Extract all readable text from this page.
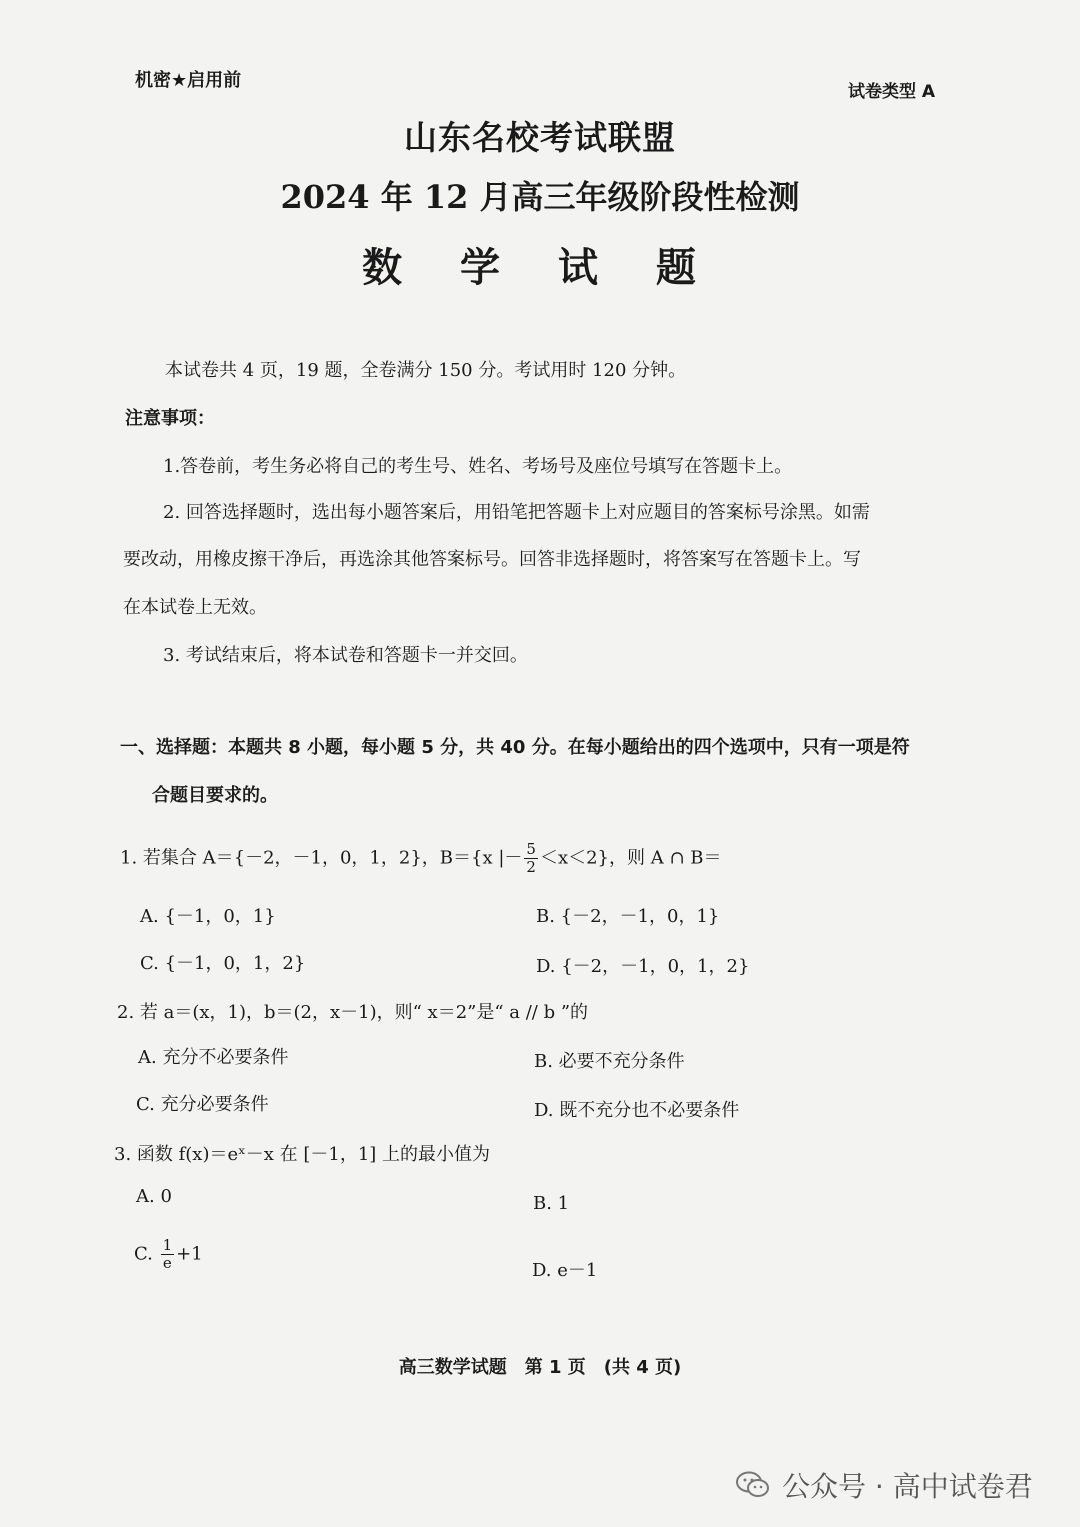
机密★启用前
试卷类型 A
山东名校考试联盟
2024 年 12 月高三年级阶段性检测
数 学 试 题
本试卷共 4 页，19 题，全卷满分 150 分。考试用时 120 分钟。
注意事项：
1.答卷前，考生务必将自己的考生号、姓名、考场号及座位号填写在答题卡上。
2. 回答选择题时，选出每小题答案后，用铅笔把答题卡上对应题目的答案标号涂黑。如需
要改动，用橡皮擦干净后，再选涂其他答案标号。回答非选择题时，将答案写在答题卡上。写
在本试卷上无效。
3. 考试结束后，将本试卷和答题卡一并交回。
一、选择题：本题共 8 小题，每小题 5 分，共 40 分。在每小题给出的四个选项中，只有一项是符
合题目要求的。
1. 若集合 A＝{－2，－1，0，1，2}，B＝{x |－ $\frac{5}{2} <x<2$}，则 A ∩ B＝
A. {－1，0，1}	B. {－2，－1，0，1}
C. {－1，0，1，2}	D. {－2，－1，0，1，2}
2. 若 a＝(x，1)，b＝(2，x－1)，则“ x＝2”是“ a // b ”的
A. 充分不必要条件	B. 必要不充分条件
C. 充分必要条件	D. 既不充分也不必要条件
3. 函数 f(x)＝eˣ－x 在 [－1，1] 上的最小值为
A. 0	B. 1
C. $\frac{1}{e} +1$
D. e－1
高三数学试题　第 1 页　(共 4 页)
公众号 · 高中试卷君
